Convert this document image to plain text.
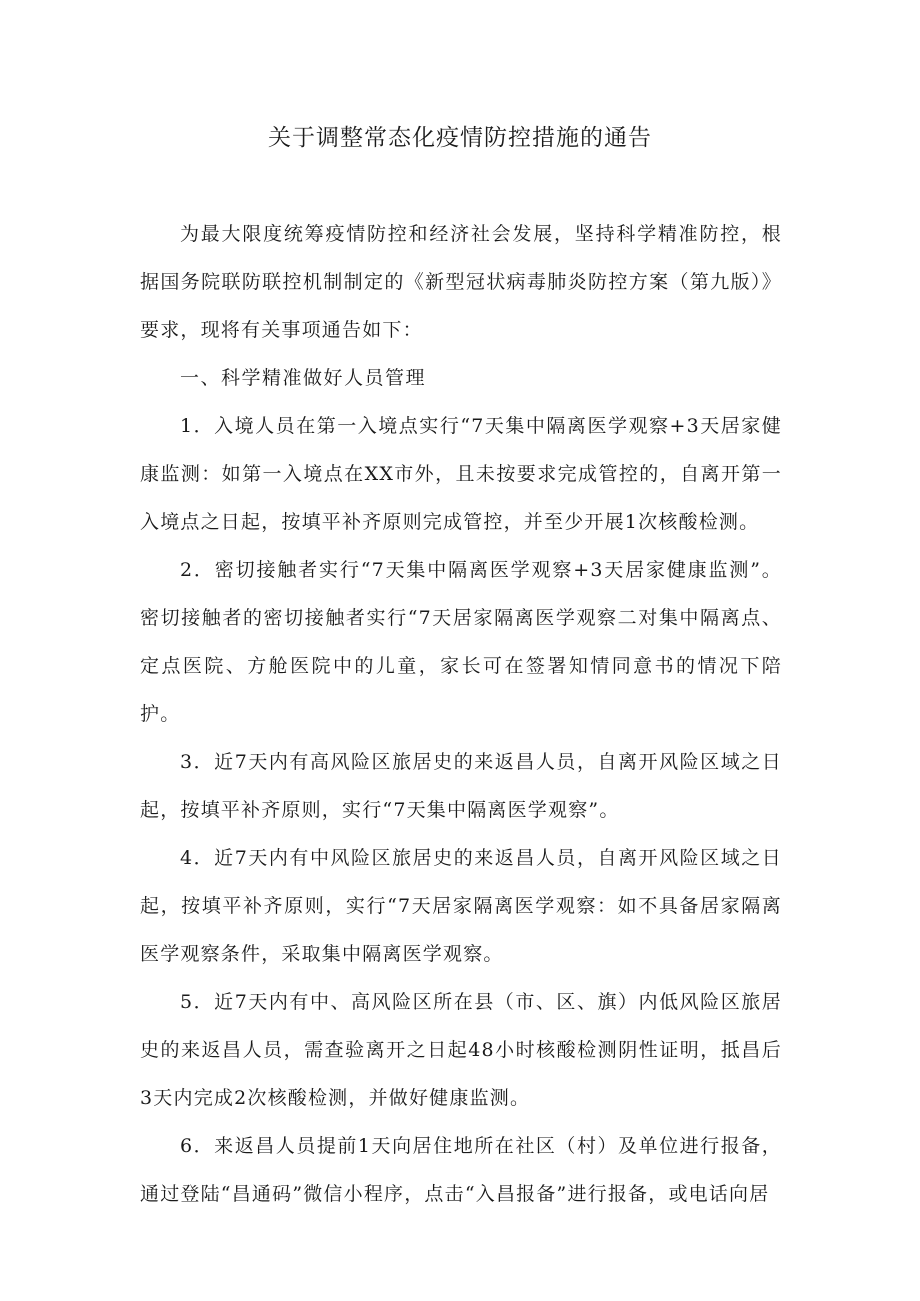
关于调整常态化疫情防控措施的通告

为最大限度统筹疫情防控和经济社会发展，坚持科学精准防控，根据国务院联防联控机制制定的《新型冠状病毒肺炎防控方案（第九版）》要求，现将有关事项通告如下：

一、科学精准做好人员管理

1．入境人员在第一入境点实行“7天集中隔离医学观察+3天居家健康监测：如第一入境点在XX市外，且未按要求完成管控的，自离开第一入境点之日起，按填平补齐原则完成管控，并至少开展1次核酸检测。

2．密切接触者实行“7天集中隔离医学观察+3天居家健康监测”。密切接触者的密切接触者实行“7天居家隔离医学观察二对集中隔离点、定点医院、方舱医院中的儿童，家长可在签署知情同意书的情况下陪护。

3．近7天内有高风险区旅居史的来返昌人员，自离开风险区域之日起，按填平补齐原则，实行“7天集中隔离医学观察”。

4．近7天内有中风险区旅居史的来返昌人员，自离开风险区域之日起，按填平补齐原则，实行“7天居家隔离医学观察：如不具备居家隔离医学观察条件，采取集中隔离医学观察。

5．近7天内有中、高风险区所在县（市、区、旗）内低风险区旅居史的来返昌人员，需查验离开之日起48小时核酸检测阴性证明，抵昌后3天内完成2次核酸检测，并做好健康监测。

6．来返昌人员提前1天向居住地所在社区（村）及单位进行报备，通过登陆“昌通码”微信小程序，点击“入昌报备”进行报备，或电话向居
